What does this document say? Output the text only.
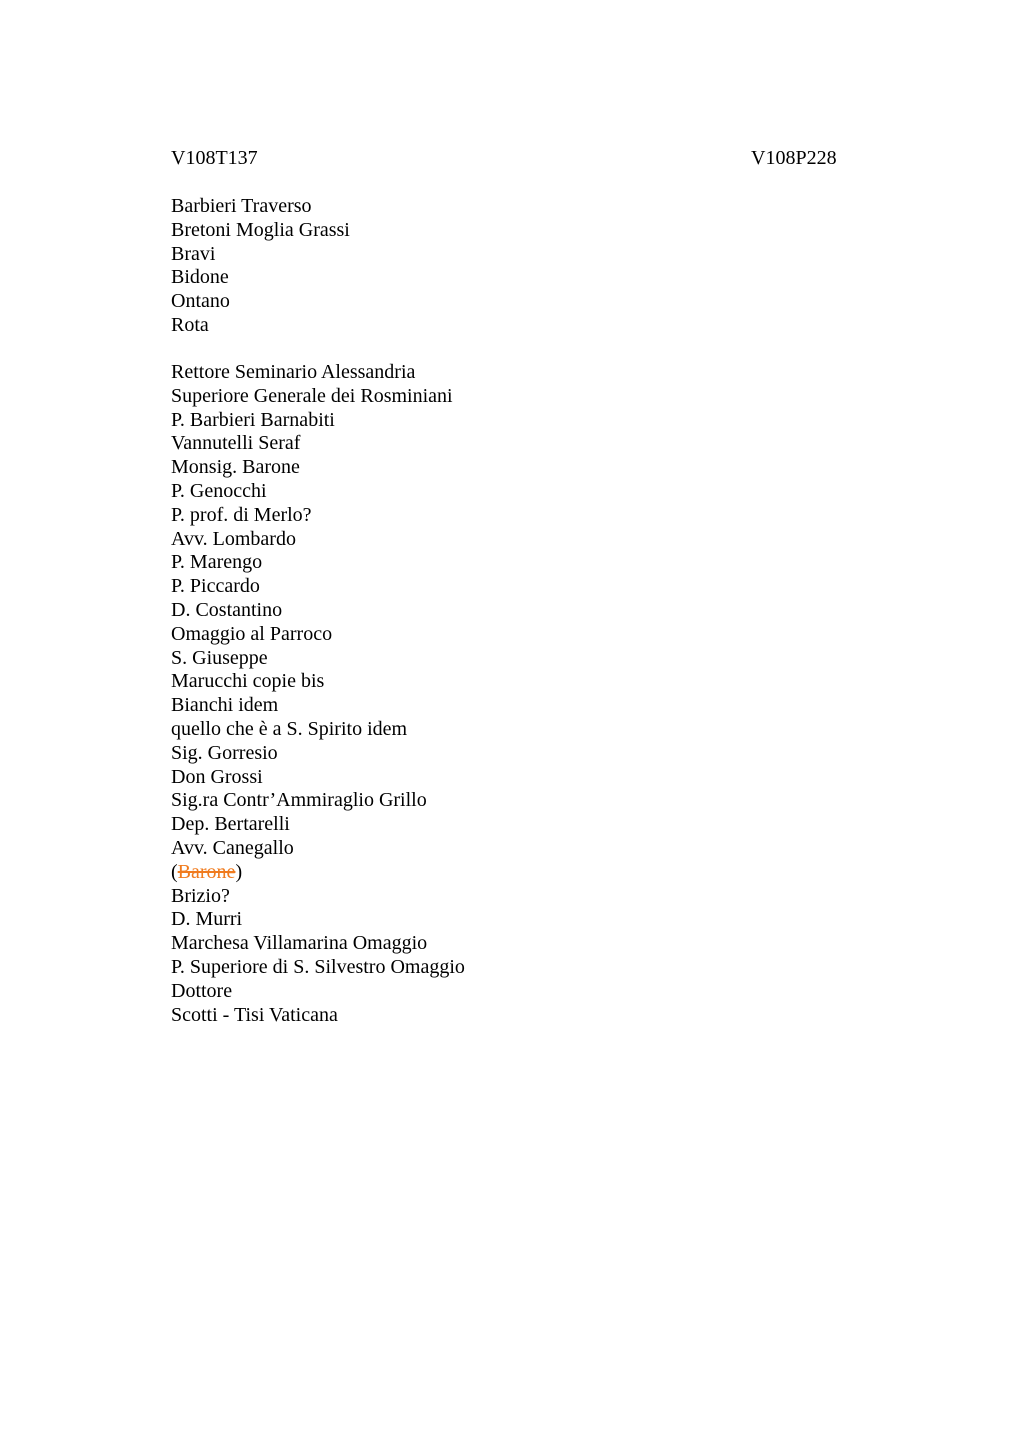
V108T137	V108P228
Barbieri Traverso
Bretoni Moglia Grassi
Bravi
Bidone
Ontano
Rota
Rettore Seminario Alessandria
Superiore Generale dei Rosminiani
P. Barbieri Barnabiti
Vannutelli Seraf
Monsig. Barone
P. Genocchi
P. prof. di Merlo?
Avv. Lombardo
P. Marengo
P. Piccardo
D. Costantino
Omaggio al Parroco
S. Giuseppe
Marucchi copie bis
Bianchi idem
quello che è a S. Spirito idem
Sig. Gorresio
Don Grossi
Sig.ra Contr’Ammiraglio Grillo
Dep. Bertarelli
Avv. Canegallo
(Barone)
Brizio?
D. Murri
Marchesa Villamarina Omaggio
P. Superiore di S. Silvestro Omaggio
Dottore
Scotti - Tisi Vaticana
